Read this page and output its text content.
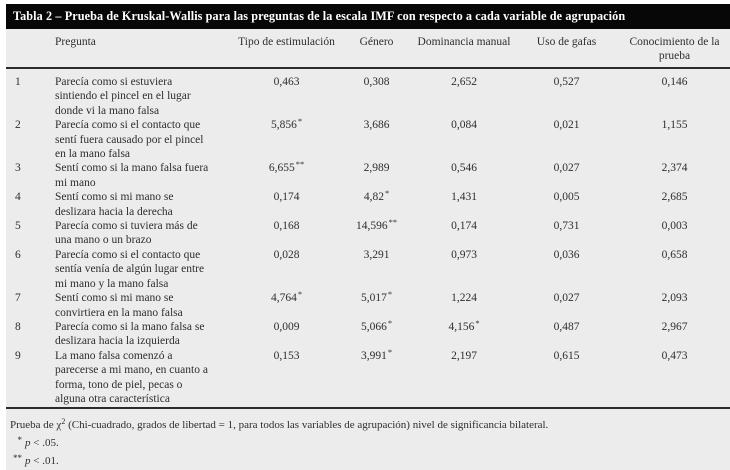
Tabla 2 – Prueba de Kruskal-Wallis para las preguntas de la escala IMF con respecto a cada variable de agrupación
	Pregunta	Tipo de estimulación	Género	Dominancia manual	Uso de gafas	Conocimiento de la prueba
1	Parecía como si estuviera sintiendo el pincel en el lugar donde vi la mano falsa	0,463	0,308	2,652	0,527	0,146
2	Parecía como si el contacto que sentí fuera causado por el pincel en la mano falsa	5,856*	3,686	0,084	0,021	1,155
3	Sentí como si la mano falsa fuera mi mano	6,655**	2,989	0,546	0,027	2,374
4	Sentí como si mi mano se deslizara hacia la derecha	0,174	4,82*	1,431	0,005	2,685
5	Parecía como si tuviera más de una mano o un brazo	0,168	14,596**	0,174	0,731	0,003
6	Parecía como si el contacto que sentía venía de algún lugar entre mi mano y la mano falsa	0,028	3,291	0,973	0,036	0,658
7	Sentí como si mi mano se convirtiera en la mano falsa	4,764*	5,017*	1,224	0,027	2,093
8	Parecía como si la mano falsa se deslizara hacia la izquierda	0,009	5,066*	4,156*	0,487	2,967
9	La mano falsa comenzó a parecerse a mi mano, en cuanto a forma, tono de piel, pecas o alguna otra característica	0,153	3,991*	2,197	0,615	0,473
Prueba de χ$^2$ (Chi-cuadrado, grados de libertad = 1, para todos las variables de agrupación) nivel de significancia bilateral.
* p < .05.
** p < .01.
